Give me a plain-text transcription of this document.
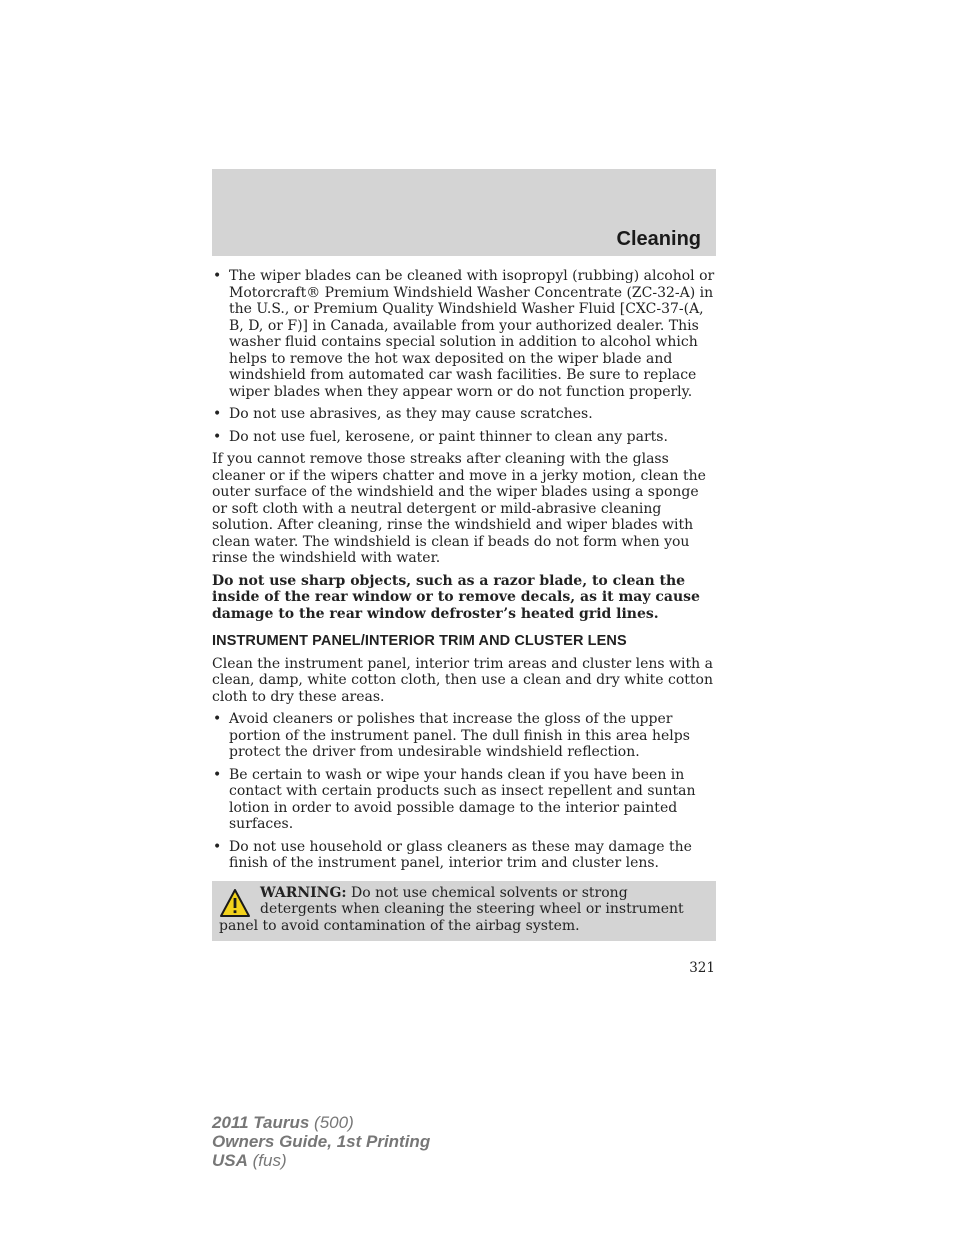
Cleaning
• The wiper blades can be cleaned with isopropyl (rubbing) alcohol or Motorcraft® Premium Windshield Washer Concentrate (ZC-32-A) in the U.S., or Premium Quality Windshield Washer Fluid [CXC-37-(A, B, D, or F)] in Canada, available from your authorized dealer. This washer fluid contains special solution in addition to alcohol which helps to remove the hot wax deposited on the wiper blade and windshield from automated car wash facilities. Be sure to replace wiper blades when they appear worn or do not function properly.
• Do not use abrasives, as they may cause scratches.
• Do not use fuel, kerosene, or paint thinner to clean any parts.

If you cannot remove those streaks after cleaning with the glass cleaner or if the wipers chatter and move in a jerky motion, clean the outer surface of the windshield and the wiper blades using a sponge or soft cloth with a neutral detergent or mild-abrasive cleaning solution. After cleaning, rinse the windshield and wiper blades with clean water. The windshield is clean if beads do not form when you rinse the windshield with water.

Do not use sharp objects, such as a razor blade, to clean the inside of the rear window or to remove decals, as it may cause damage to the rear window defroster’s heated grid lines.

INSTRUMENT PANEL/INTERIOR TRIM AND CLUSTER LENS

Clean the instrument panel, interior trim areas and cluster lens with a clean, damp, white cotton cloth, then use a clean and dry white cotton cloth to dry these areas.

• Avoid cleaners or polishes that increase the gloss of the upper portion of the instrument panel. The dull finish in this area helps protect the driver from undesirable windshield reflection.
• Be certain to wash or wipe your hands clean if you have been in contact with certain products such as insect repellent and suntan lotion in order to avoid possible damage to the interior painted surfaces.
• Do not use household or glass cleaners as these may damage the finish of the instrument panel, interior trim and cluster lens.
WARNING: Do not use chemical solvents or strong detergents when cleaning the steering wheel or instrument panel to avoid contamination of the airbag system.
321
2011 Taurus (500)
Owners Guide, 1st Printing
USA (fus)
